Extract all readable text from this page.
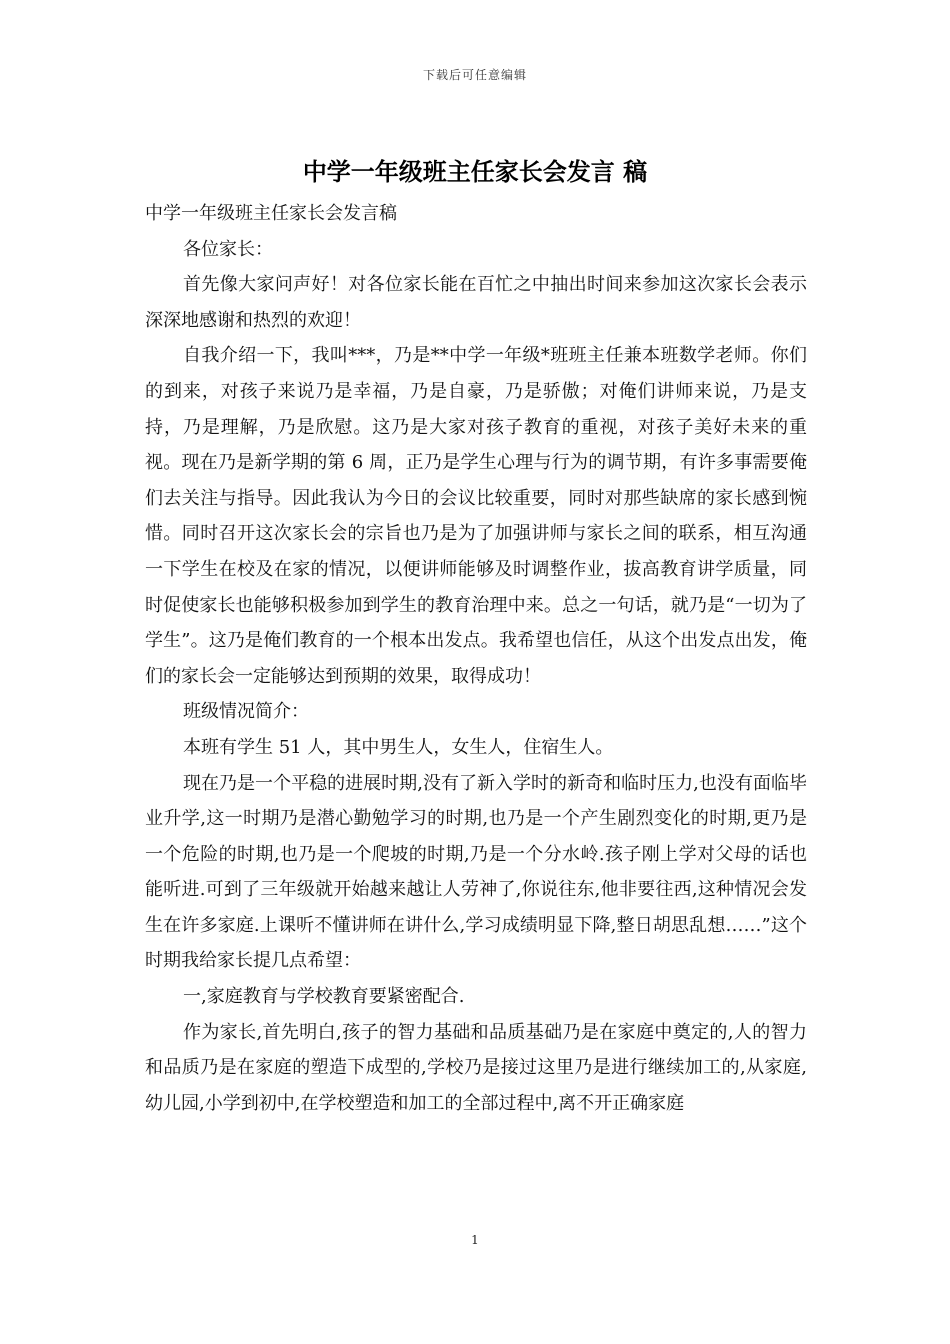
下载后可任意编辑
中学一年级班主任家长会发言 稿

中学一年级班主任家长会发言稿

各位家长：

首先像大家问声好！对各位家长能在百忙之中抽出时间来参加这次家长会表示深深地感谢和热烈的欢迎！

自我介绍一下，我叫***，乃是**中学一年级*班班主任兼本班数学老师。你们的到来，对孩子来说乃是幸福，乃是自豪，乃是骄傲；对俺们讲师来说，乃是支持，乃是理解，乃是欣慰。这乃是大家对孩子教育的重视，对孩子美好未来的重视。现在乃是新学期的第 6 周，正乃是学生心理与行为的调节期，有许多事需要俺们去关注与指导。因此我认为今日的会议比较重要，同时对那些缺席的家长感到惋惜。同时召开这次家长会的宗旨也乃是为了加强讲师与家长之间的联系，相互沟通一下学生在校及在家的情况，以便讲师能够及时调整作业，拔高教育讲学质量，同时促使家长也能够积极参加到学生的教育治理中来。总之一句话，就乃是“一切为了学生”。这乃是俺们教育的一个根本出发点。我希望也信任，从这个出发点出发，俺们的家长会一定能够达到预期的效果，取得成功！

班级情况简介：

本班有学生 51 人，其中男生人，女生人，住宿生人。

现在乃是一个平稳的进展时期,没有了新入学时的新奇和临时压力,也没有面临毕业升学,这一时期乃是潜心勤勉学习的时期,也乃是一个产生剧烈变化的时期,更乃是一个危险的时期,也乃是一个爬坡的时期,乃是一个分水岭.孩子刚上学对父母的话也能听进.可到了三年级就开始越来越让人劳神了,你说往东,他非要往西,这种情况会发生在许多家庭.上课听不懂讲师在讲什么,学习成绩明显下降,整日胡思乱想……”这个时期我给家长提几点希望：

一,家庭教育与学校教育要紧密配合.

作为家长,首先明白,孩子的智力基础和品质基础乃是在家庭中奠定的,人的智力和品质乃是在家庭的塑造下成型的,学校乃是接过这里乃是进行继续加工的,从家庭,幼儿园,小学到初中,在学校塑造和加工的全部过程中,离不开正确家庭

1
